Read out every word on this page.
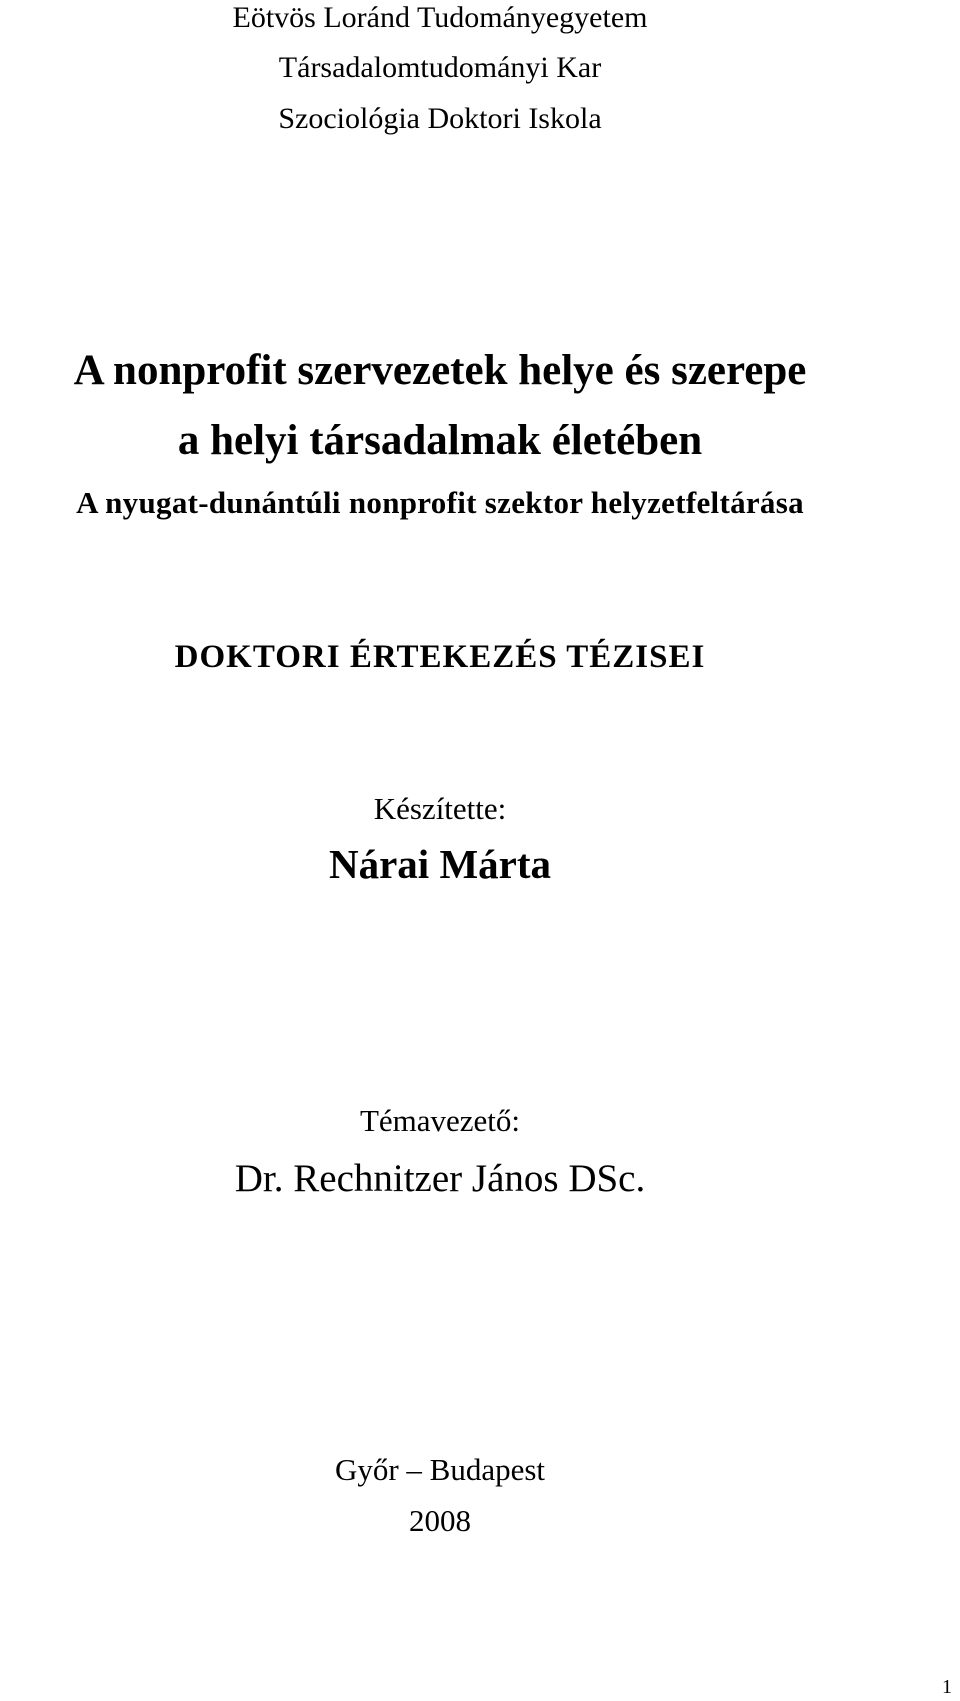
Eötvös Loránd Tudományegyetem
Társadalomtudományi Kar
Szociológia Doktori Iskola
A nonprofit szervezetek helye és szerepe
a helyi társadalmak életében
A nyugat-dunántúli nonprofit szektor helyzetfeltárása
DOKTORI ÉRTEKEZÉS TÉZISEI
Készítette:
Nárai Márta
Témavezető:
Dr. Rechnitzer János DSc.
Győr – Budapest
2008
1
